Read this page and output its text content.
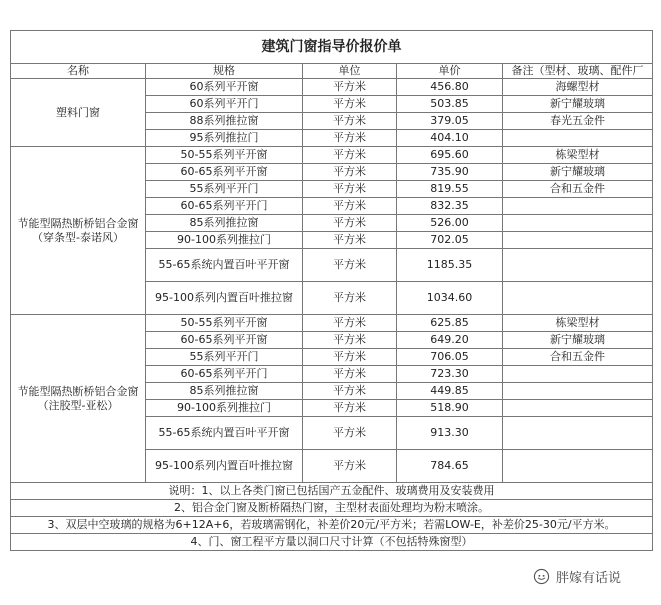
建筑门窗指导价报价单				
名称	规格	单位	单价	备注（型材、玻璃、配件厂
塑料门窗	60系列平开窗	平方米	456.80	海螺型材
	60系列平开门	平方米	503.85	新宁耀玻璃
	88系列推拉窗	平方米	379.05	春光五金件
	95系列推拉门	平方米	404.10	
节能型隔热断桥铝合金窗（穿条型-泰诺风）	50-55系列平开窗	平方米	695.60	栋梁型材
	60-65系列平开窗	平方米	735.90	新宁耀玻璃
	55系列平开门	平方米	819.55	合和五金件
	60-65系列平开门	平方米	832.35	
	85系列推拉窗	平方米	526.00	
	90-100系列推拉门	平方米	702.05	
	55-65系统内置百叶平开窗	平方米	1185.35	
	95-100系列内置百叶推拉窗	平方米	1034.60	
节能型隔热断桥铝合金窗（注胶型-亚松）	50-55系列平开窗	平方米	625.85	栋梁型材
	60-65系列平开窗	平方米	649.20	新宁耀玻璃
	55系列平开门	平方米	706.05	合和五金件
	60-65系列平开门	平方米	723.30	
	85系列推拉窗	平方米	449.85	
	90-100系列推拉门	平方米	518.90	
	55-65系统内置百叶平开窗	平方米	913.30	
	95-100系列内置百叶推拉窗	平方米	784.65	
说明：1、以上各类门窗已包括国产五金配件、玻璃费用及安装费用				
2、铝合金门窗及断桥隔热门窗，主型材表面处理均为粉末喷涂。				
3、双层中空玻璃的规格为6+12A+6，若玻璃需钢化，补差价20元/平方米；若需LOW-E，补差价25-30元/平方米。				
4、门、窗工程平方量以洞口尺寸计算（不包括特殊窗型）				
胖嫁有话说
